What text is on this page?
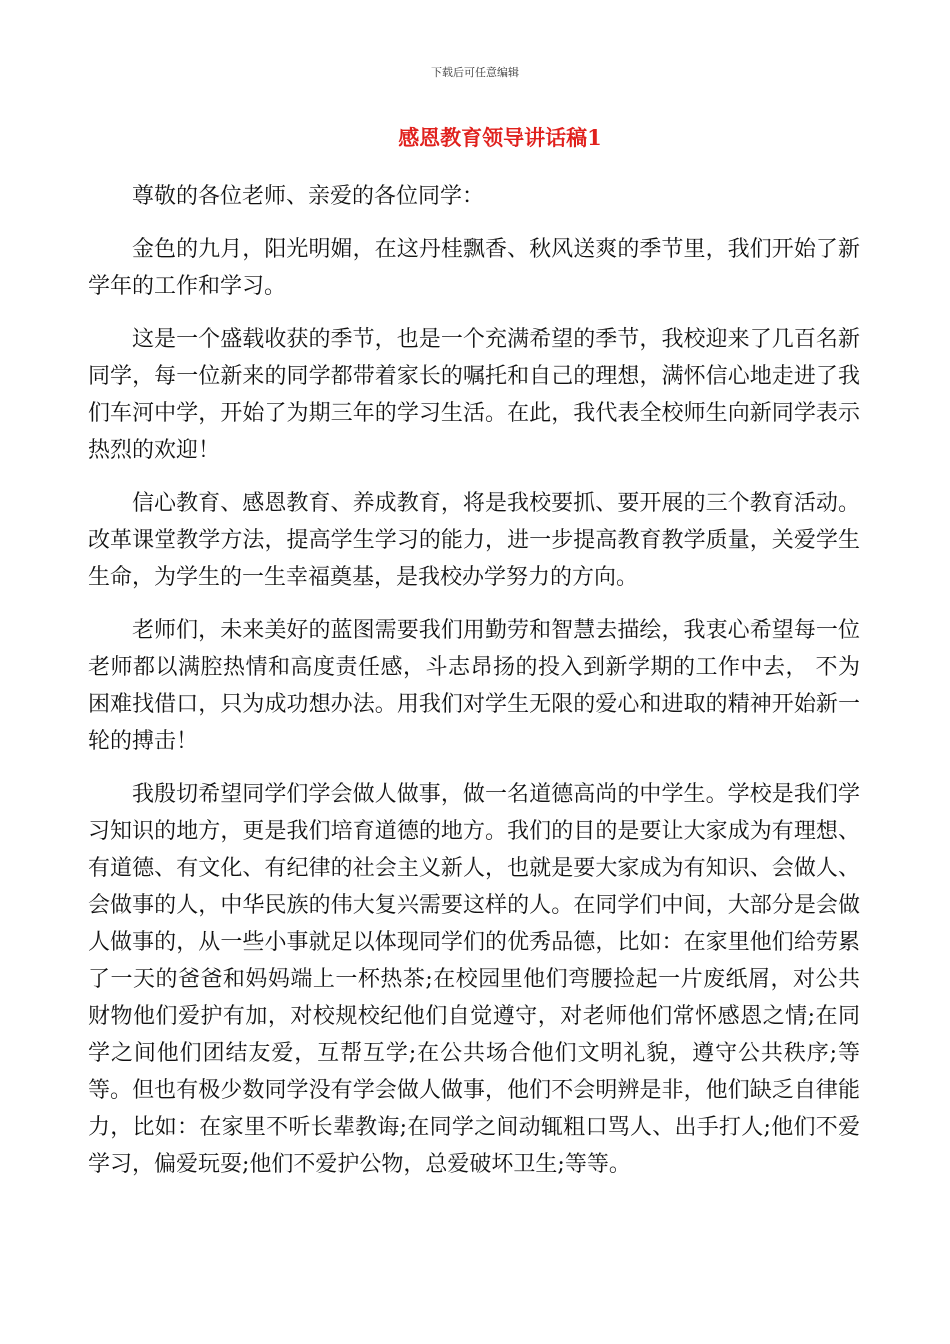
下载后可任意编辑
感恩教育领导讲话稿1

尊敬的各位老师、亲爱的各位同学：

金色的九月，阳光明媚，在这丹桂飘香、秋风送爽的季节里，我们开始了新学年的工作和学习。

这是一个盛载收获的季节，也是一个充满希望的季节，我校迎来了几百名新同学，每一位新来的同学都带着家长的嘱托和自己的理想，满怀信心地走进了我们车河中学，开始了为期三年的学习生活。在此，我代表全校师生向新同学表示热烈的欢迎！

信心教育、感恩教育、养成教育，将是我校要抓、要开展的三个教育活动。改革课堂教学方法，提高学生学习的能力，进一步提高教育教学质量，关爱学生生命，为学生的一生幸福奠基，是我校办学努力的方向。

老师们，未来美好的蓝图需要我们用勤劳和智慧去描绘，我衷心希望每一位老师都以满腔热情和高度责任感，斗志昂扬的投入到新学期的工作中去， 不为困难找借口，只为成功想办法。用我们对学生无限的爱心和进取的精神开始新一轮的搏击！

我殷切希望同学们学会做人做事，做一名道德高尚的中学生。学校是我们学习知识的地方，更是我们培育道德的地方。我们的目的是要让大家成为有理想、有道德、有文化、有纪律的社会主义新人，也就是要大家成为有知识、会做人、会做事的人，中华民族的伟大复兴需要这样的人。在同学们中间，大部分是会做人做事的，从一些小事就足以体现同学们的优秀品德，比如：在家里他们给劳累了一天的爸爸和妈妈端上一杯热茶;在校园里他们弯腰捡起一片废纸屑，对公共财物他们爱护有加，对校规校纪他们自觉遵守，对老师他们常怀感恩之情;在同学之间他们团结友爱，互帮互学;在公共场合他们文明礼貌，遵守公共秩序;等等。但也有极少数同学没有学会做人做事，他们不会明辨是非，他们缺乏自律能力，比如：在家里不听长辈教诲;在同学之间动辄粗口骂人、出手打人;他们不爱学习，偏爱玩耍;他们不爱护公物，总爱破坏卫生;等等。
